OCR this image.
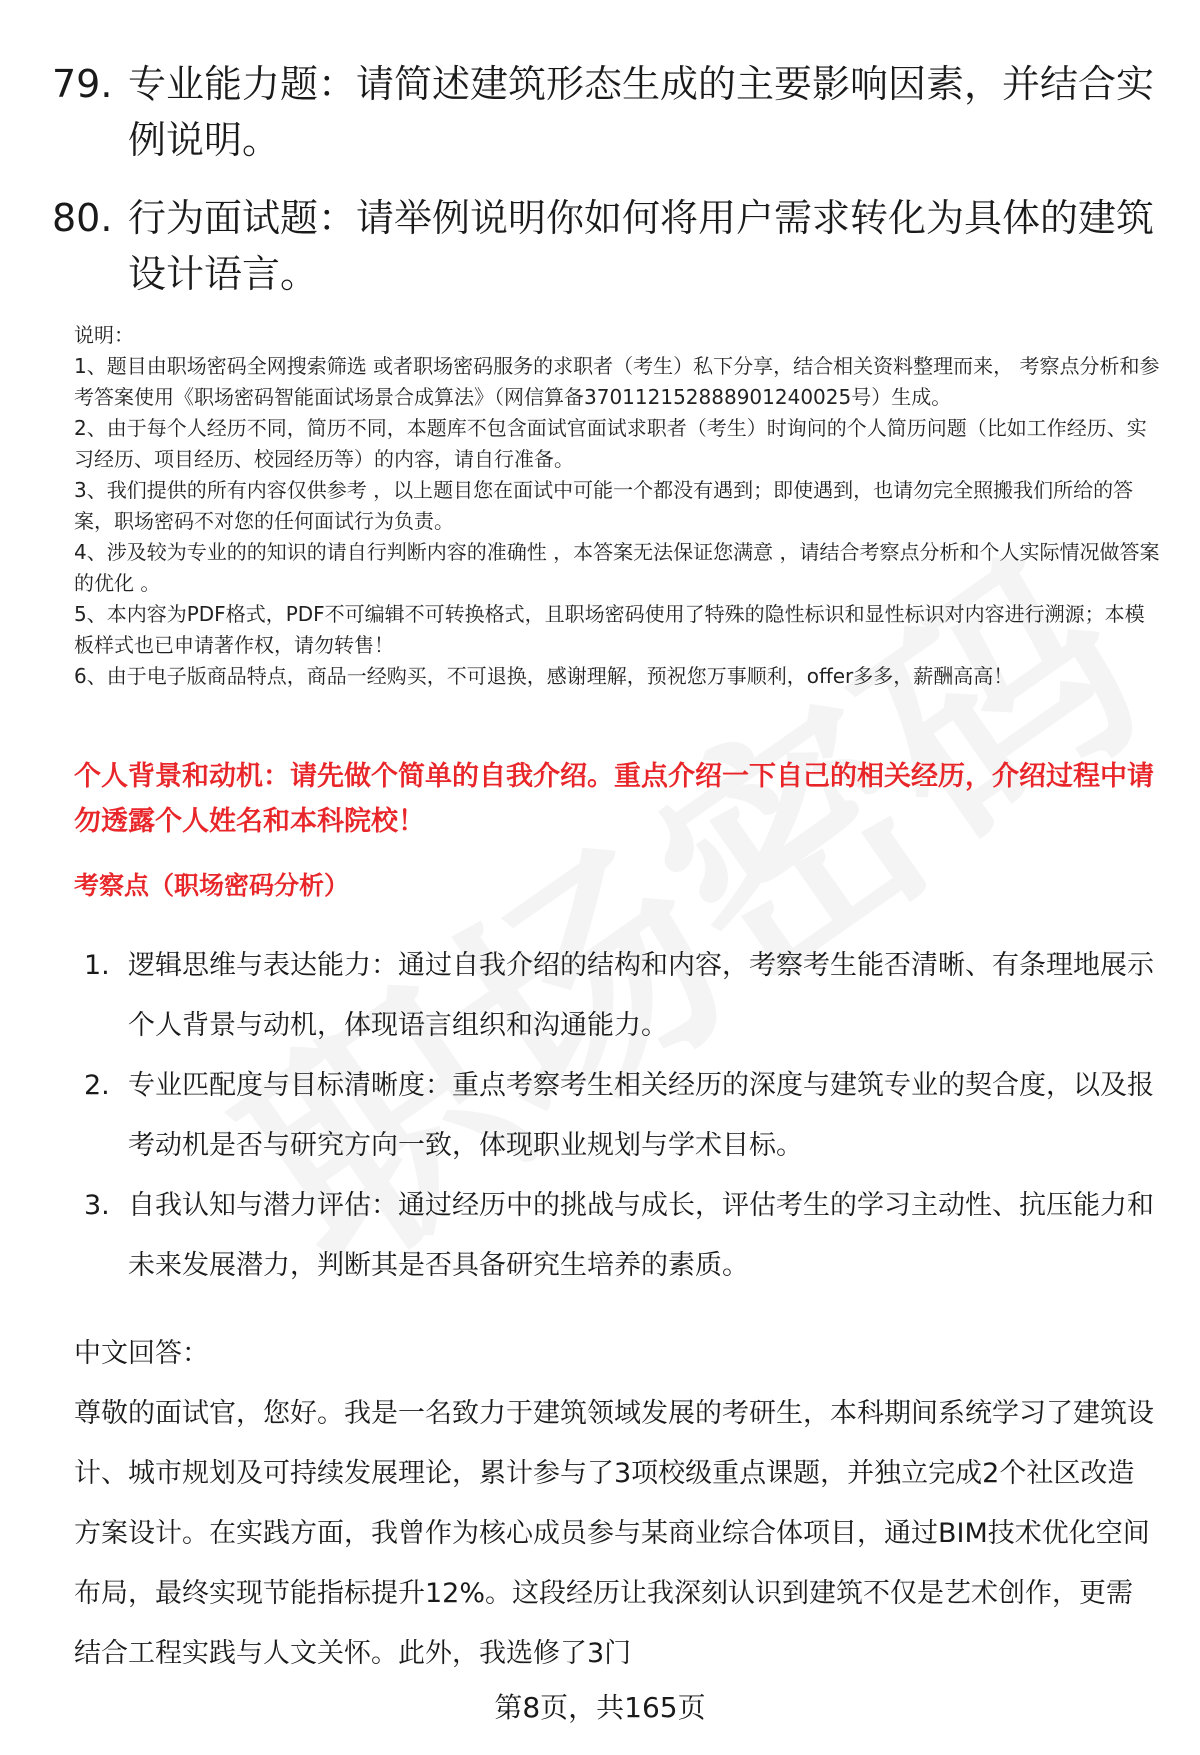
79. 专业能力题：请简述建筑形态生成的主要影响因素，并结合实例说明。
80. 行为面试题：请举例说明你如何将用户需求转化为具体的建筑设计语言。

说明：

1、题目由职场密码全网搜索筛选 或者职场密码服务的求职者（考生）私下分享，结合相关资料整理而来， 考察点分析和参考答案使用《职场密码智能面试场景合成算法》（网信算备370112152888901240025号）生成。

2、由于每个人经历不同，简历不同，本题库不包含面试官面试求职者（考生）时询问的个人简历问题（比如工作经历、实习经历、项目经历、校园经历等）的内容，请自行准备。

3、我们提供的所有内容仅供参考 ，以上题目您在面试中可能一个都没有遇到；即使遇到，也请勿完全照搬我们所给的答案，职场密码不对您的任何面试行为负责。

4、涉及较为专业的的知识的请自行判断内容的准确性 ，本答案无法保证您满意 ，请结合考察点分析和个人实际情况做答案的优化 。

5、本内容为PDF格式，PDF不可编辑不可转换格式，且职场密码使用了特殊的隐性标识和显性标识对内容进行溯源；本模板样式也已申请著作权，请勿转售！

6、由于电子版商品特点，商品一经购买，不可退换，感谢理解，预祝您万事顺利，offer多多，薪酬高高！

个人背景和动机：请先做个简单的自我介绍。重点介绍一下自己的相关经历，介绍过程中请勿透露个人姓名和本科院校！
考察点（职场密码分析）
1. 逻辑思维与表达能力：通过自我介绍的结构和内容，考察考生能否清晰、有条理地展示个人背景与动机，体现语言组织和沟通能力。
2. 专业匹配度与目标清晰度：重点考察考生相关经历的深度与建筑专业的契合度，以及报考动机是否与研究方向一致，体现职业规划与学术目标。
3. 自我认知与潜力评估：通过经历中的挑战与成长，评估考生的学习主动性、抗压能力和未来发展潜力，判断其是否具备研究生培养的素质。
中文回答：
尊敬的面试官，您好。我是一名致力于建筑领域发展的考研生，本科期间系统学习了建筑设计、城市规划及可持续发展理论，累计参与了3项校级重点课题，并独立完成2个社区改造方案设计。在实践方面，我曾作为核心成员参与某商业综合体项目，通过BIM技术优化空间布局，最终实现节能指标提升12%。这段经历让我深刻认识到建筑不仅是艺术创作，更需结合工程实践与人文关怀。此外，我选修了3门
第8页，共165页
